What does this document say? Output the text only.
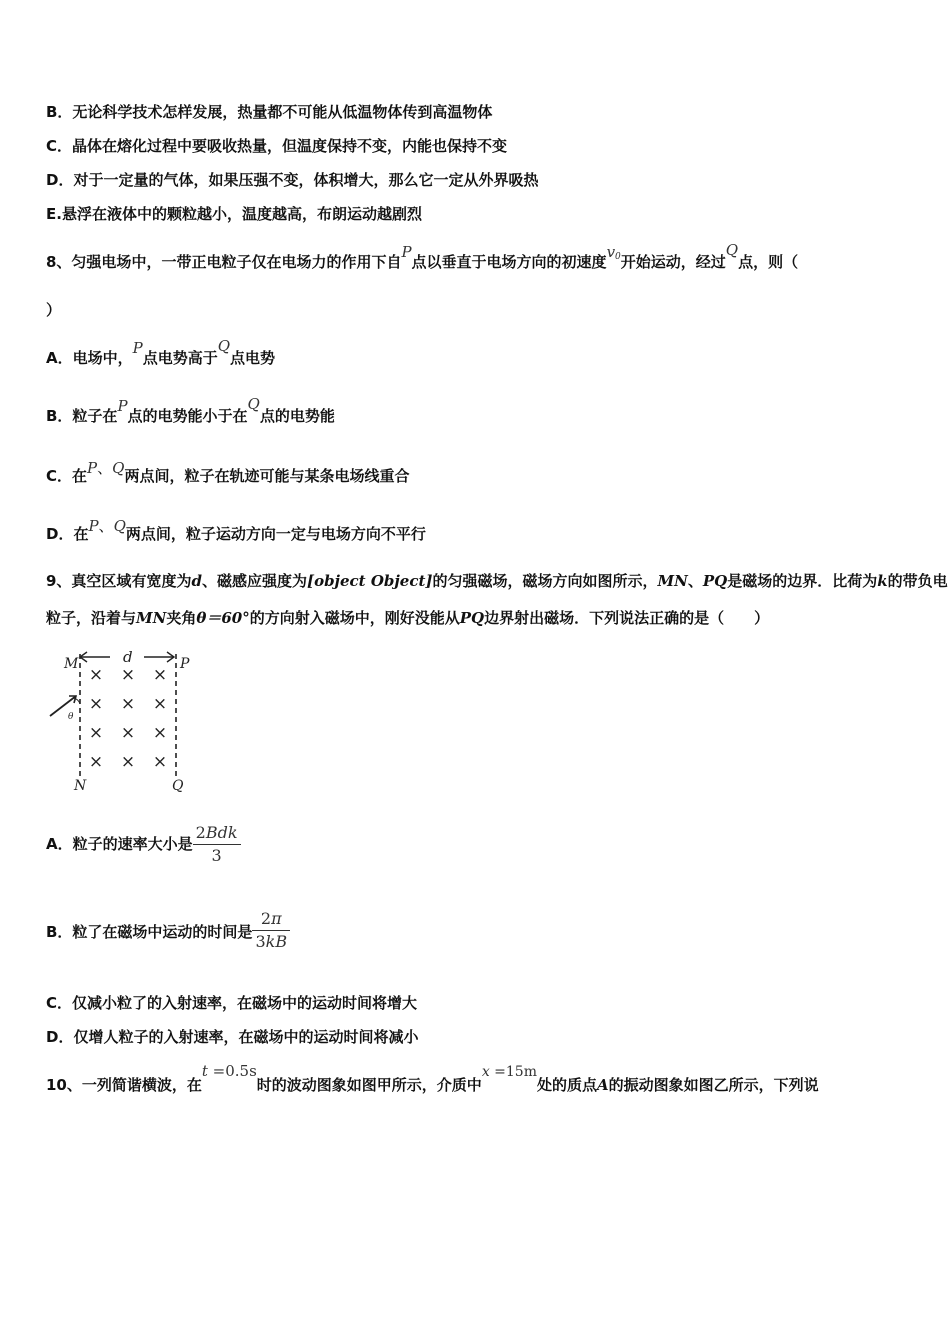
B．无论科学技术怎样发展，热量都不可能从低温物体传到高温物体
C．晶体在熔化过程中要吸收热量，但温度保持不变，内能也保持不变
D．对于一定量的气体，如果压强不变，体积增大，那么它一定从外界吸热
E.悬浮在液体中的颗粒越小，温度越高，布朗运动越剧烈
8、匀强电场中，一带正电粒子仅在电场力的作用下自P点以垂直于电场方向的初速度$v_0$开始运动，经过Q点，则（
）
A．电场中，P点电势高于Q点电势
B．粒子在P点的电势能小于在Q点的电势能
C．在P、Q两点间，粒子在轨迹可能与某条电场线重合
D．在P、Q两点间，粒子运动方向一定与电场方向不平行
9、真空区域有宽度为d、磁感应强度为[object Object]的匀强磁场，磁场方向如图所示，MN、PQ是磁场的边界．比荷为k的带负电
粒子，沿着与MN夹角θ＝60°的方向射入磁场中，刚好没能从PQ边界射出磁场．下列说法正确的是（　　）
d
M	P
N	Q
× × ×
× × ×
× × ×
× × ×
θ
A．粒子的速率大小是 $\frac{\text{2Bdk}}{3}$
B．粒了在磁场中运动的时间是 $\frac{2\pi}{3kB}$
C．仅减小粒了的入射速率，在磁场中的运动时间将增大
D．仅增人粒子的入射速率，在磁场中的运动时间将减小
10、一列简谐横波，在t =0.5s时的波动图象如图甲所示，介质中x =15m处的质点A的振动图象如图乙所示，下列说
